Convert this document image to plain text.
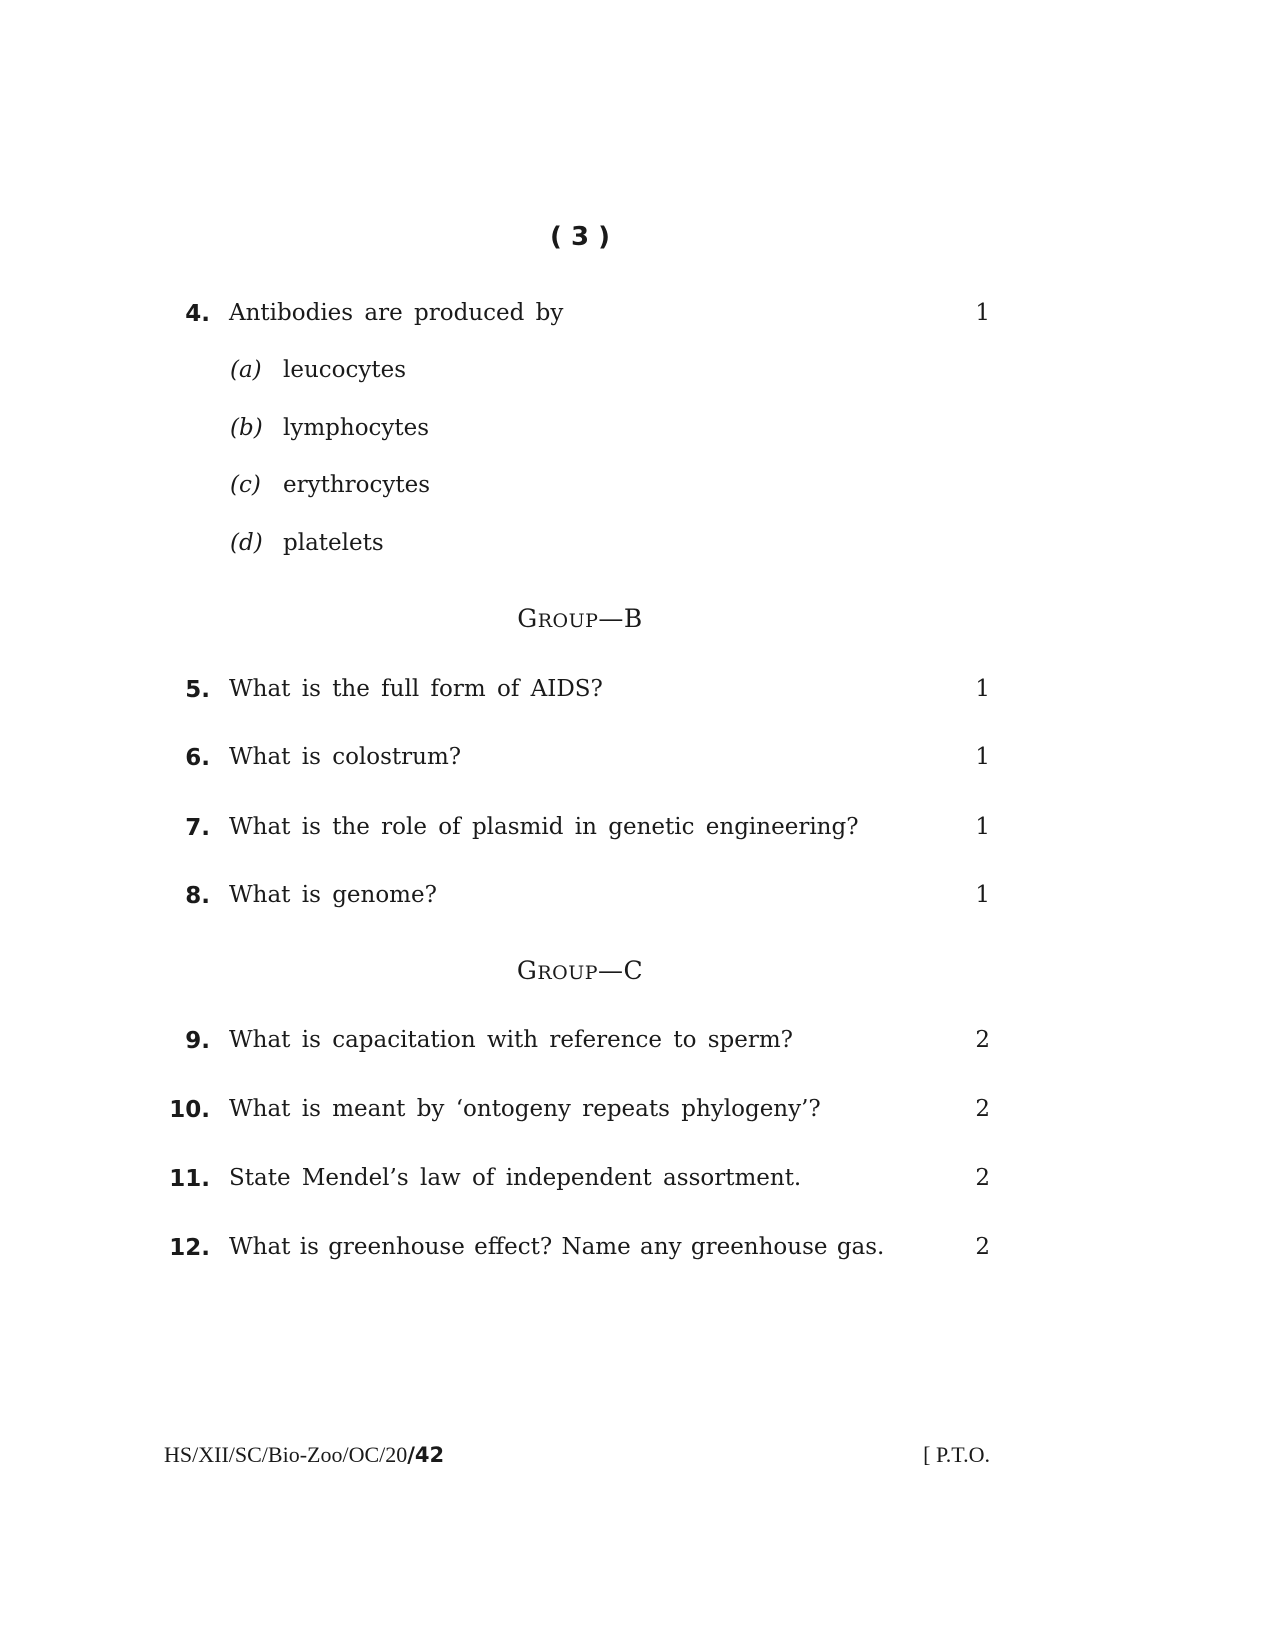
( 3 )
4. Antibodies are produced by	1
(a) leucocytes
(b) lymphocytes
(c) erythrocytes
(d) platelets
GROUP—B
5. What is the full form of AIDS?	1
6. What is colostrum?	1
7. What is the role of plasmid in genetic engineering?	1
8. What is genome?	1
GROUP—C
9. What is capacitation with reference to sperm?	2
10. What is meant by ‘ontogeny repeats phylogeny’?	2
11. State Mendel’s law of independent assortment.	2
12. What is greenhouse effect? Name any greenhouse gas.	2
HS/XII/SC/Bio-Zoo/OC/20/42	[ P.T.O.
